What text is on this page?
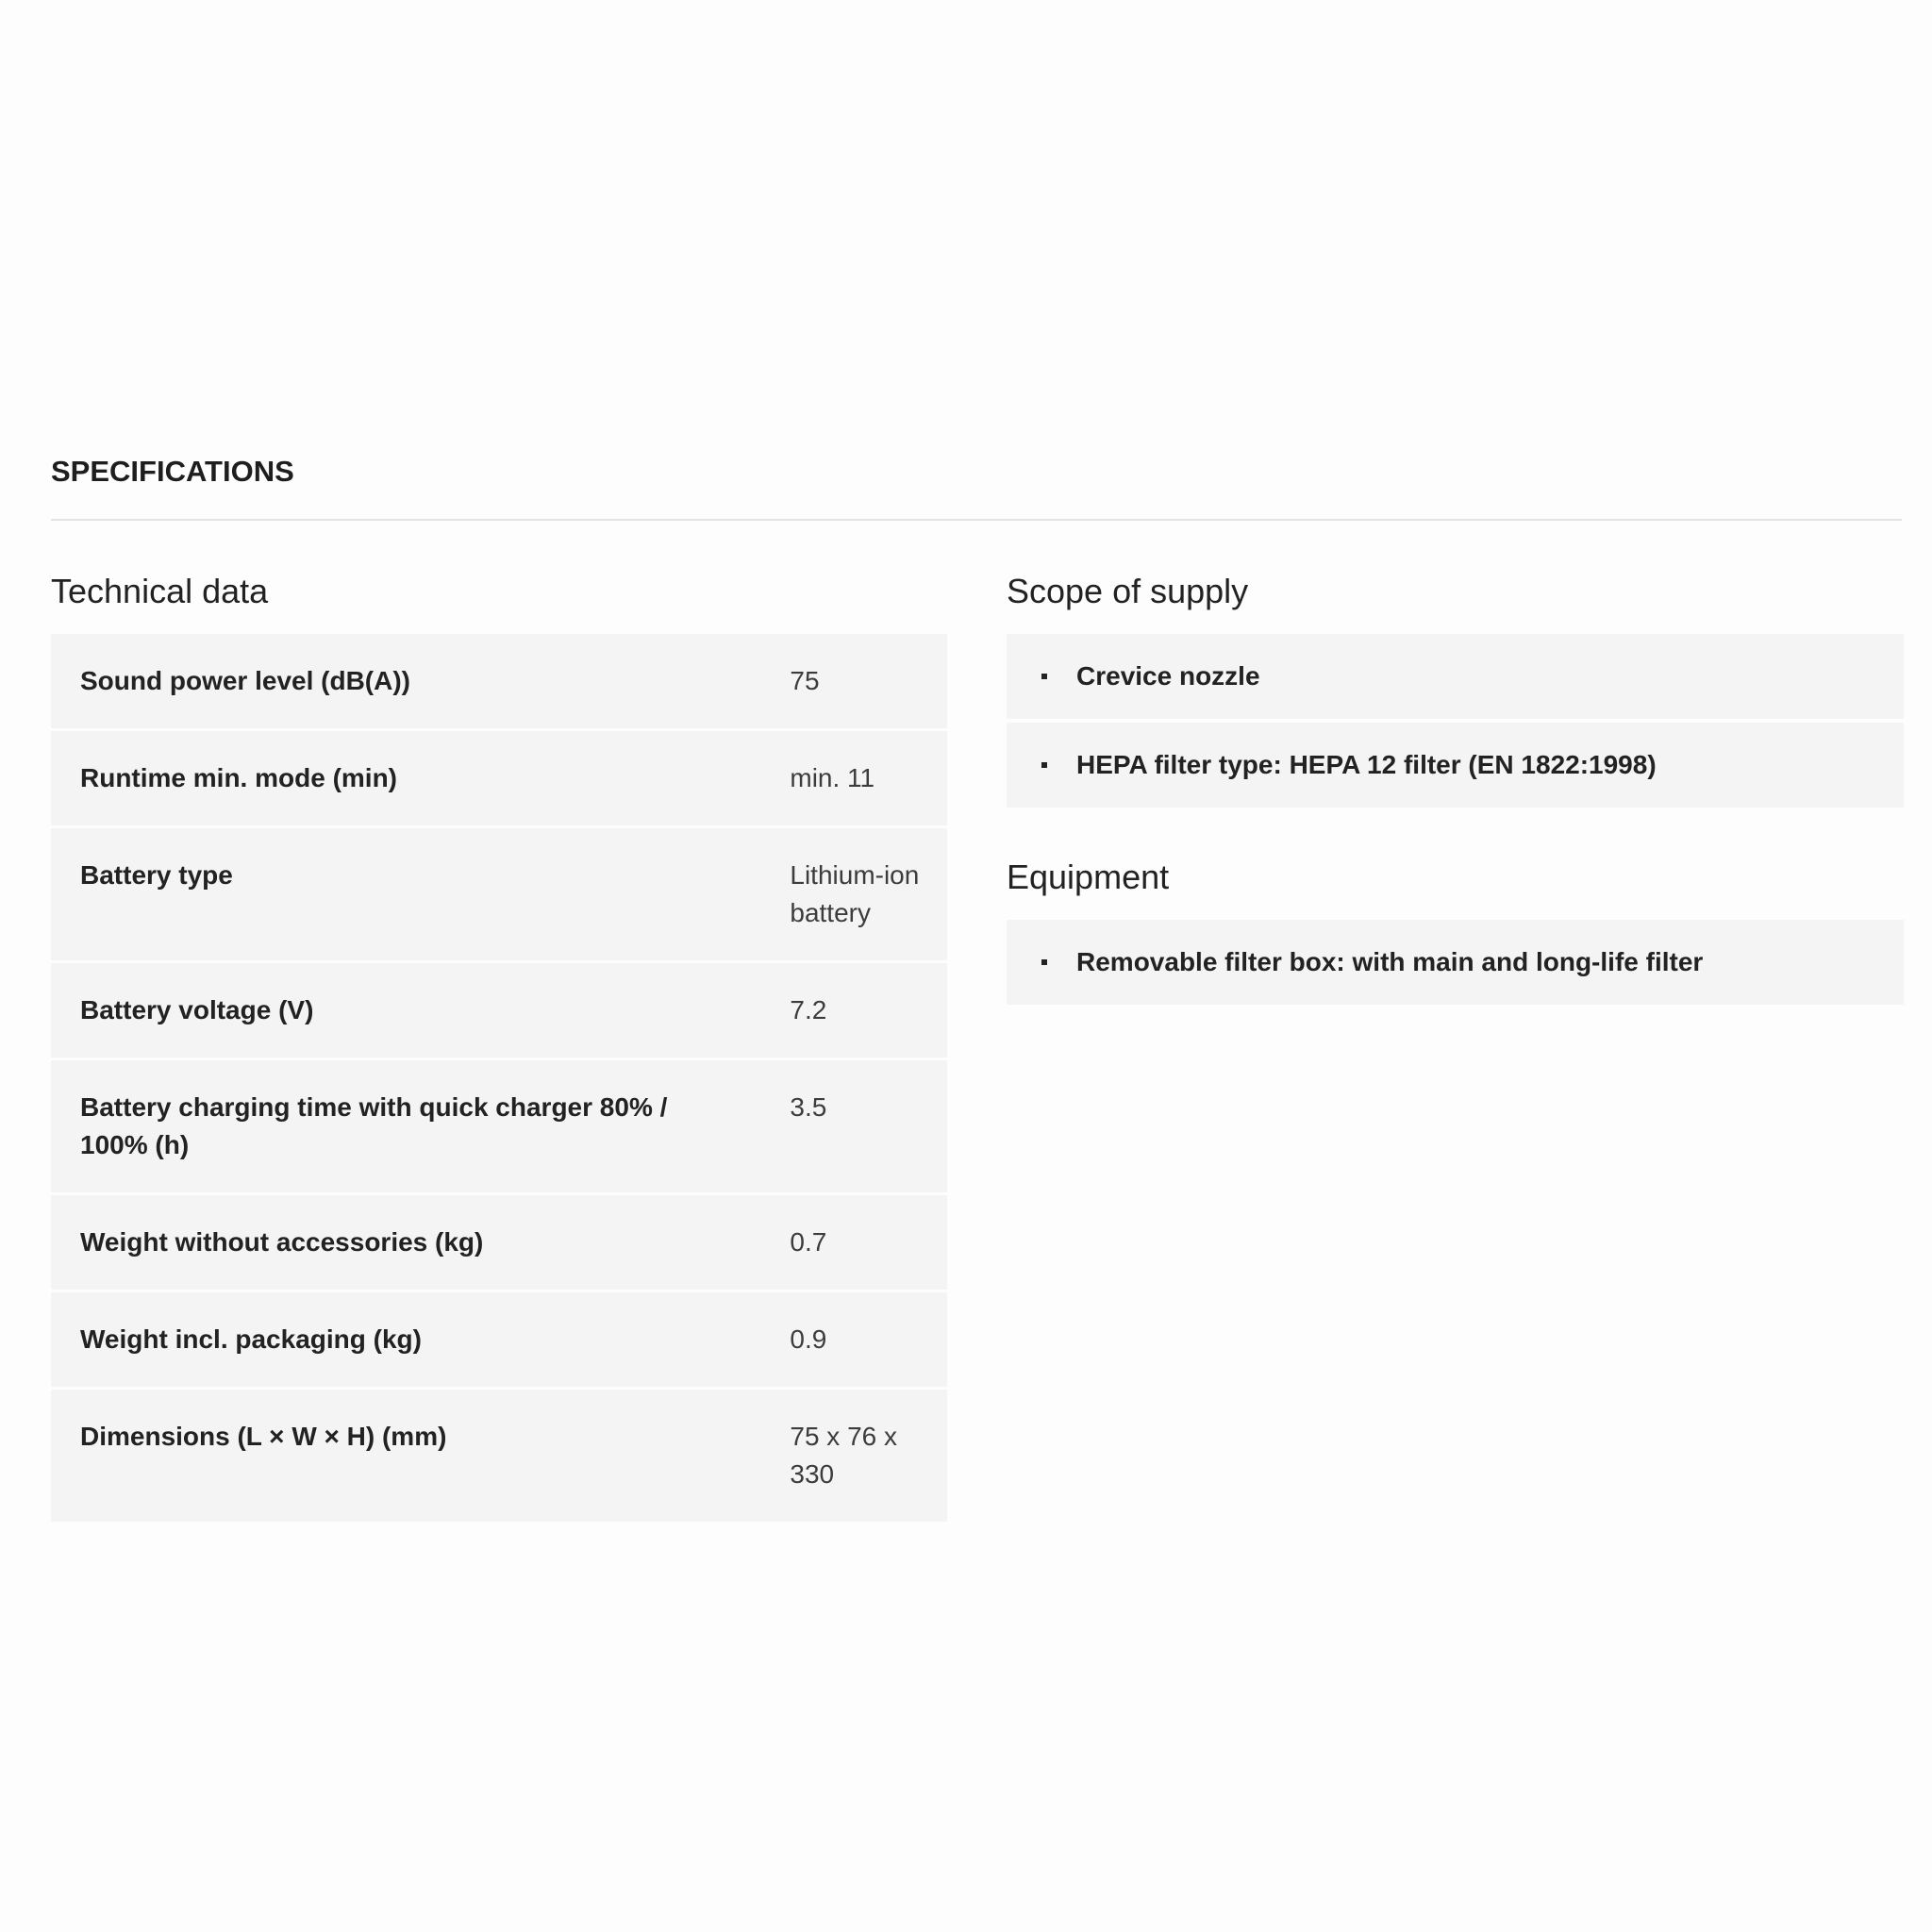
SPECIFICATIONS
Technical data
Sound power level (dB(A))	75
Runtime min. mode (min)	min. 11
Battery type	Lithium-ion battery
Battery voltage (V)	7.2
Battery charging time with quick charger 80% / 100% (h)	3.5
Weight without accessories (kg)	0.7
Weight incl. packaging (kg)	0.9
Dimensions (L × W × H) (mm)	75 x 76 x 330
Scope of supply
Crevice nozzle
HEPA filter type: HEPA 12 filter (EN 1822:1998)
Equipment
Removable filter box: with main and long-life filter
